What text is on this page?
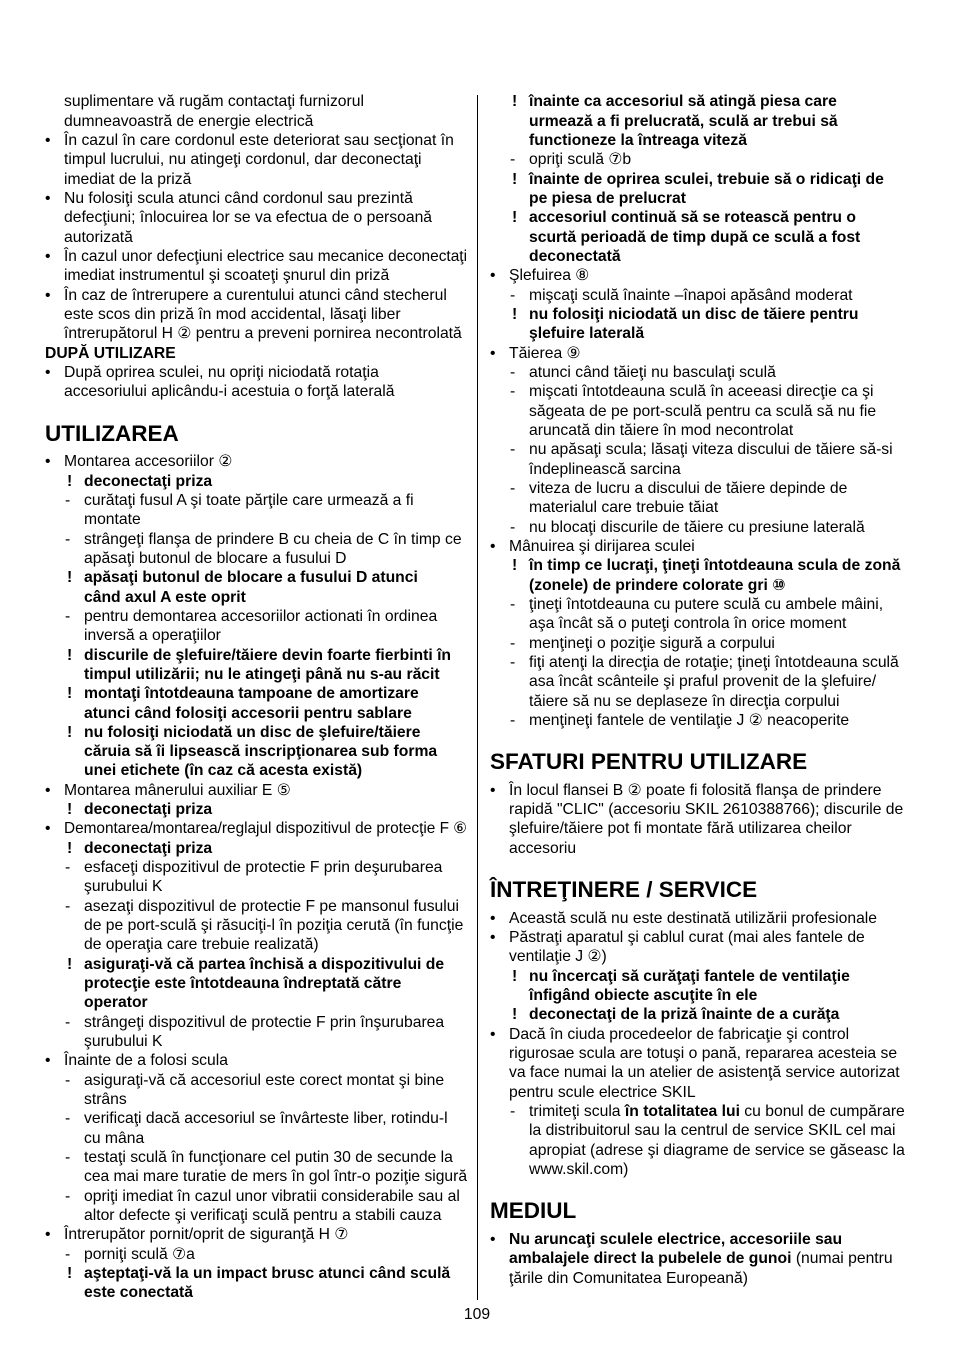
suplimentare vă rugăm contactaţi furnizorul
dumneavoastră de energie electrică
• În cazul în care cordonul este deteriorat sau secţionat în
timpul lucrului, nu atingeţi cordonul, dar deconectaţi
imediat de la priză
• Nu folosiţi scula atunci când cordonul sau prezintă
defecţiuni; înlocuirea lor se va efectua de o persoană
autorizată
• În cazul unor defecţiuni electrice sau mecanice deconectaţi
imediat instrumentul şi scoateţi şnurul din priză
• În caz de întrerupere a curentului atunci când stecherul
este scos din priză în mod accidental, lăsaţi liber
întrerupătorul H ② pentru a preveni pornirea necontrolată
DUPĂ UTILIZARE
• După oprirea sculei, nu opriţi niciodată rotaţia
accesoriului aplicându-i acestuia o forţă laterală
UTILIZAREA
• Montarea accesoriilor ②
! deconectaţi priza
- curătaţi fusul A şi toate părţile care urmează a fi
montate
- strângeţi flanşa de prindere B cu cheia de C în timp ce
apăsaţi butonul de blocare a fusului D
! apăsaţi butonul de blocare a fusului D atunci
când axul A este oprit
- pentru demontarea accesoriilor actionati în ordinea
inversă a operaţiilor
! discurile de şlefuire/tăiere devin foarte fierbinti în
timpul utilizării; nu le atingeţi până nu s-au răcit
! montaţi întotdeauna tampoane de amortizare
atunci când folosiţi accesorii pentru sablare
! nu folosiţi niciodată un disc de şlefuire/tăiere
căruia să îi lipsească inscripţionarea sub forma
unei etichete (în caz că acesta există)
• Montarea mânerului auxiliar E ⑤
! deconectaţi priza
• Demontarea/montarea/reglajul dispozitivul de protecţie F ⑥
! deconectaţi priza
- esfaceţi dispozitivul de protectie F prin deşurubarea
şurubului K
- asezaţi dispozitivul de protectie F pe mansonul fusului
de pe port-sculă şi răsuciţi-l în poziţia cerută (în funcţie
de operaţia care trebuie realizată)
! asiguraţi-vă că partea închisă a dispozitivului de
protecţie este întotdeauna îndreptată către
operator
- strângeţi dispozitivul de protectie F prin înşurubarea
şurubului K
• Înainte de a folosi scula
- asiguraţi-vă că accesoriul este corect montat şi bine
strâns
- verificaţi dacă accesoriul se învârteste liber, rotindu-l
cu mâna
- testaţi sculă în funcţionare cel putin 30 de secunde la
cea mai mare turatie de mers în gol într-o poziţie sigură
- opriţi imediat în cazul unor vibratii considerabile sau al
altor defecte şi verificaţi sculă pentru a stabili cauza
• Întrerupător pornit/oprit de siguranţă H ⑦
- porniţi sculă ⑦a
! aşteptaţi-vă la un impact brusc atunci când sculă
este conectată
! înainte ca accesoriul să atingă piesa care
urmează a fi prelucrată, sculă ar trebui să
functioneze la întreaga viteză
- opriţi sculă ⑦b
! înainte de oprirea sculei, trebuie să o ridicaţi de
pe piesa de prelucrat
! accesoriul continuă să se rotească pentru o
scurtă perioadă de timp după ce sculă a fost
deconectată
• Şlefuirea ⑧
- mişcaţi sculă înainte –înapoi apăsând moderat
! nu folosiţi niciodată un disc de tăiere pentru
şlefuire laterală
• Tăierea ⑨
- atunci când tăieţi nu basculaţi sculă
- mişcati întotdeauna sculă în aceeasi direcţie ca şi
săgeata de pe port-sculă pentru ca sculă să nu fie
aruncată din tăiere în mod necontrolat
- nu apăsaţi scula; lăsaţi viteza discului de tăiere să-si
îndeplinească sarcina
- viteza de lucru a discului de tăiere depinde de
materialul care trebuie tăiat
- nu blocaţi discurile de tăiere cu presiune laterală
• Mânuirea şi dirijarea sculei
! în timp ce lucraţi, ţineţi întotdeauna scula de zonă
(zonele) de prindere colorate gri ⑩
- ţineţi întotdeauna cu putere sculă cu ambele mâini,
aşa încât să o puteţi controla în orice moment
- menţineţi o poziţie sigură a corpului
- fiţi atenţi la direcţia de rotaţie; ţineţi întotdeauna sculă
asa încât scânteile şi praful provenit de la şlefuire/
tăiere să nu se deplaseze în direcţia corpului
- menţineţi fantele de ventilaţie J ② neacoperite
SFATURI PENTRU UTILIZARE
• În locul flansei B ② poate fi folosită flanşa de prindere
rapidă "CLIC" (accesoriu SKIL 2610388766); discurile de
şlefuire/tăiere pot fi montate fără utilizarea cheilor
accesoriu
ÎNTREŢINERE / SERVICE
• Această sculă nu este destinată utilizării profesionale
• Păstraţi aparatul şi cablul curat (mai ales fantele de
ventilaţie J ②)
! nu încercaţi să curăţaţi fantele de ventilaţie
înfigând obiecte ascuţite în ele
! deconectaţi de la priză înainte de a curăţa
• Dacă în ciuda procedeelor de fabricaţie şi control
rigurosae scula are totuşi o pană, repararea acesteia se
va face numai la un atelier de asistenţă service autorizat
pentru scule electrice SKIL
- trimiteţi scula în totalitatea lui cu bonul de cumpărare
la distribuitorul sau la centrul de service SKIL cel mai
apropiat (adrese şi diagrame de service se găseasc la
www.skil.com)
MEDIUL
• Nu aruncaţi sculele electrice, accesoriile sau
ambalajele direct la pubelele de gunoi (numai pentru
ţările din Comunitatea Europeană)
109
